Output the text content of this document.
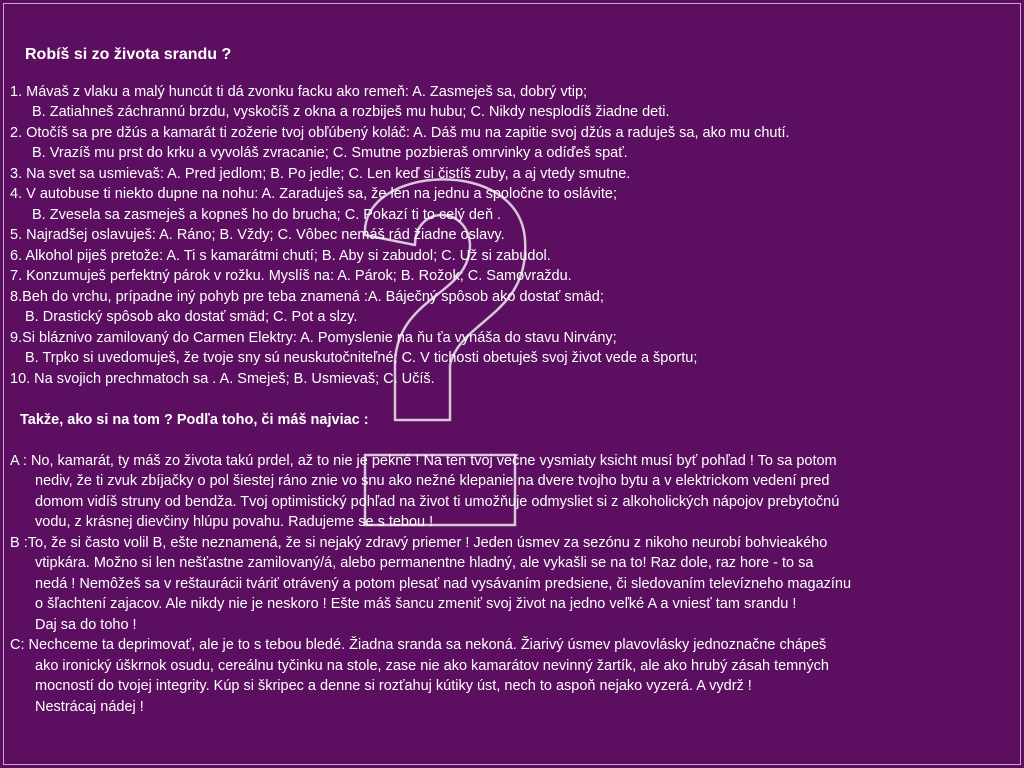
Robíš si zo života srandu ?
1. Mávaš z vlaku a malý huncút ti dá zvonku facku ako remeň: A. Zasmeješ sa, dobrý vtip;
B. Zatiahneš záchrannú brzdu, vyskočíš z okna a rozbiješ mu hubu; C. Nikdy nesplodíš žiadne deti.
2. Otočíš sa pre džús a kamarát ti zožerie tvoj obľúbený koláč: A. Dáš mu na zapitie svoj džús a raduješ sa, ako mu chutí.
B. Vrazíš mu prst do krku a vyvoláš zvracanie; C. Smutne pozbieraš omrvinky a odíďeš spať.
3. Na svet sa usmievaš: A. Pred jedlom; B. Po jedle; C. Len keď si čistíš zuby, a aj vtedy smutne.
4. V autobuse ti niekto dupne na nohu: A. Zaraduješ sa, že len na jednu a spoločne to oslávite;
B. Zvesela sa zasmeješ a kopneš ho do brucha; C. Pokazí ti to celý deň .
5. Najradšej oslavuješ: A. Ráno; B. Vždy; C. Vôbec nemáš rád žiadne oslavy.
6. Alkohol piješ pretože: A. Ti s kamarátmi chutí; B. Aby si zabudol; C. Už si zabudol.
7. Konzumuješ perfektný párok v rožku. Myslíš na: A. Párok; B. Rožok; C. Samovraždu.
8.Beh do vrchu, prípadne iný pohyb pre teba znamená :A. Báječný spôsob ako dostať smäd;
B. Drastický spôsob ako dostať smäd; C. Pot a slzy.
9.Si bláznivo zamilovaný do Carmen Elektry: A. Pomyslenie na ňu ťa vynáša do stavu Nirvány;
B. Trpko si uvedomuješ, že tvoje sny sú neuskutočniteľné; C. V tichosti obetuješ svoj život vede a športu;
10. Na svojich prechmatoch sa . A. Smeješ; B. Usmievaš; C. Učíš.
Takže, ako si na tom ? Podľa toho, či máš najviac :
A : No, kamarát, ty máš zo života takú prdel, až to nie je pekné ! Na ten tvoj večne vysmiaty ksicht musí byť pohľad ! To sa potom
nediv, že ti zvuk zbíjačky o pol šiestej ráno znie vo snu ako nežné klepanie na dvere tvojho bytu a v elektrickom vedení pred
domom vidíš struny od bendža. Tvoj optimistický pohľad na život ti umožňuje odmysliet si z alkoholických nápojov prebytočnú
vodu, z krásnej dievčiny hlúpu povahu. Radujeme se s tebou !
B :To, že si často volil B, ešte neznamená, že si nejaký zdravý priemer ! Jeden úsmev za sezónu z nikoho neurobí bohvieakého
vtipkára. Možno si len nešťastne zamilovaný/á, alebo permanentne hladný, ale vykašli se na to! Raz dole, raz hore - to sa
nedá ! Nemôžeš sa v reštaurácii tváriť otrávený a potom plesať nad vysávaním predsiene, či sledovaním televízneho magazínu
o šľachtení zajacov. Ale nikdy nie je neskoro ! Ešte máš šancu zmeniť svoj život na jedno veľké A a vniesť tam srandu !
Daj sa do toho !
C: Nechceme ta deprimovať, ale je to s tebou bledé. Žiadna sranda sa nekoná. Žiarivý úsmev plavovlásky jednoznačne chápeš
ako ironický úškrnok osudu, cereálnu tyčinku na stole, zase nie ako kamarátov nevinný žartík, ale ako hrubý zásah temných
mocností do tvojej integrity. Kúp si škripec a denne si rozťahuj kútiky úst, nech to aspoň nejako vyzerá. A vydrž !
Nestrácaj nádej !
